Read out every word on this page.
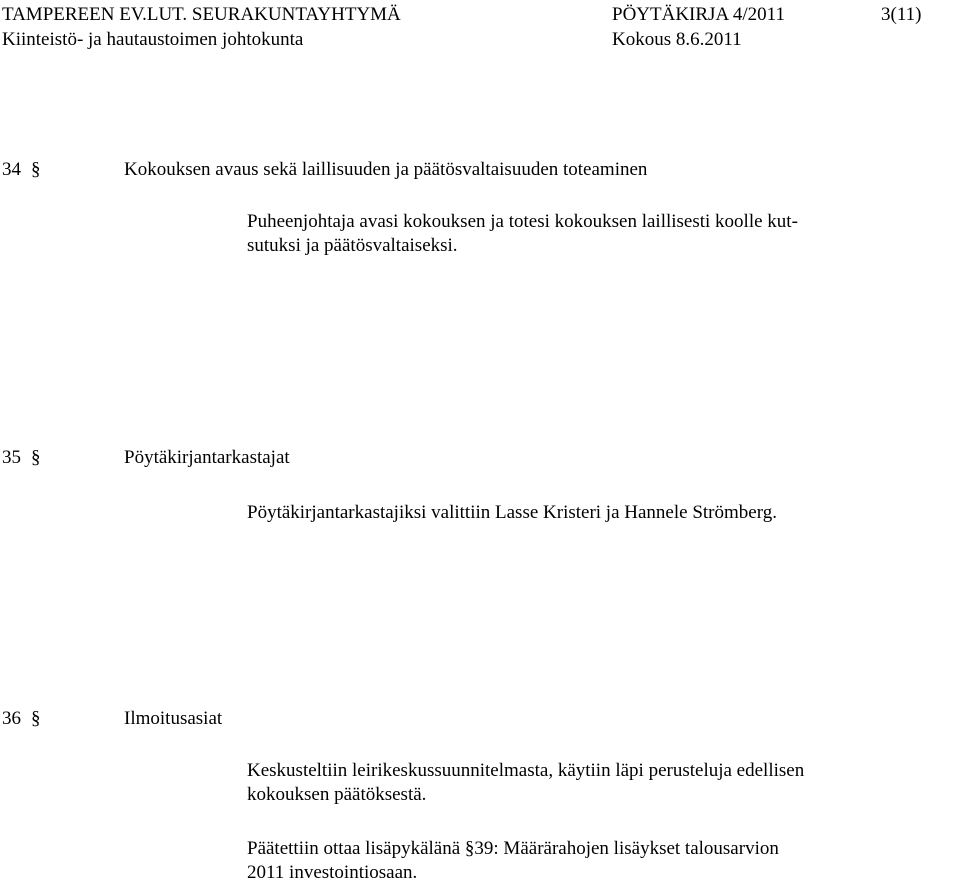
TAMPEREEN EV.LUT. SEURAKUNTAYHTYMÄ
Kiinteistö- ja hautaustoimen johtokunta
PÖYTÄKIRJA 4/2011
Kokous 8.6.2011
3(11)
34 §	Kokouksen avaus sekä laillisuuden ja päätösvaltaisuuden toteaminen
Puheenjohtaja avasi kokouksen ja totesi kokouksen laillisesti koolle kut-
sutuksi ja päätösvaltaiseksi.
35 §	Pöytäkirjantarkastajat
Pöytäkirjantarkastajiksi valittiin Lasse Kristeri ja Hannele Strömberg.
36 §	Ilmoitusasiat
Keskusteltiin leirikeskussuunnitelmasta, käytiin läpi perusteluja edellisen
kokouksen päätöksestä.
Päätettiin ottaa lisäpykälänä §39: Määrärahojen lisäykset talousarvion
2011 investointiosaan.
